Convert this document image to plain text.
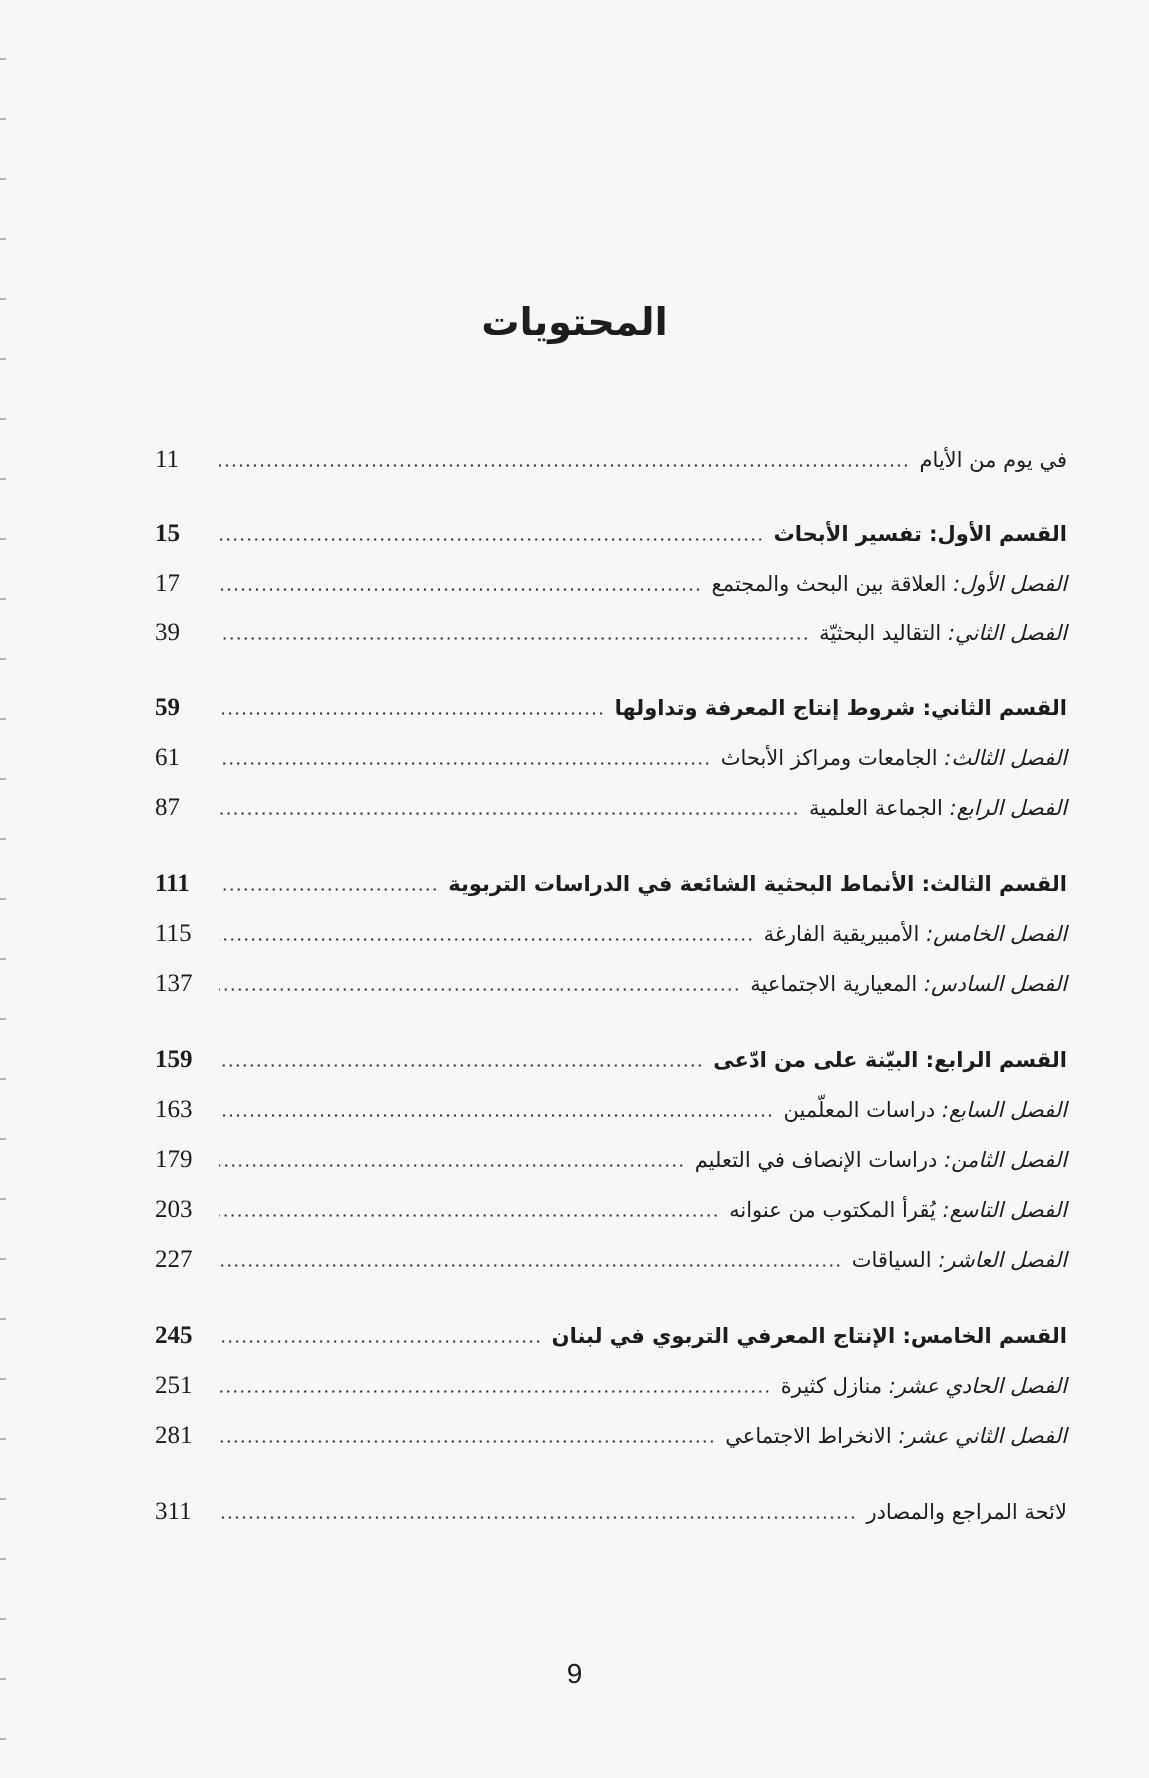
المحتويات
في يوم من الأيام
11
القسم الأول: تفسير الأبحاث
15
الفصل الأول: العلاقة بين البحث والمجتمع
17
الفصل الثاني: التقاليد البحثيّة
39
القسم الثاني: شروط إنتاج المعرفة وتداولها
59
الفصل الثالث: الجامعات ومراكز الأبحاث
61
الفصل الرابع: الجماعة العلمية
87
القسم الثالث: الأنماط البحثية الشائعة في الدراسات التربوية
111
الفصل الخامس: الأمبيريقية الفارغة
115
الفصل السادس: المعيارية الاجتماعية
137
القسم الرابع: البيّنة على من ادّعى
159
الفصل السابع: دراسات المعلّمين
163
الفصل الثامن: دراسات الإنصاف في التعليم
179
الفصل التاسع: يُقرأ المكتوب من عنوانه
203
الفصل العاشر: السياقات
227
القسم الخامس: الإنتاج المعرفي التربوي في لبنان
245
الفصل الحادي عشر: منازل كثيرة
251
الفصل الثاني عشر: الانخراط الاجتماعي
281
لائحة المراجع والمصادر
311
9
